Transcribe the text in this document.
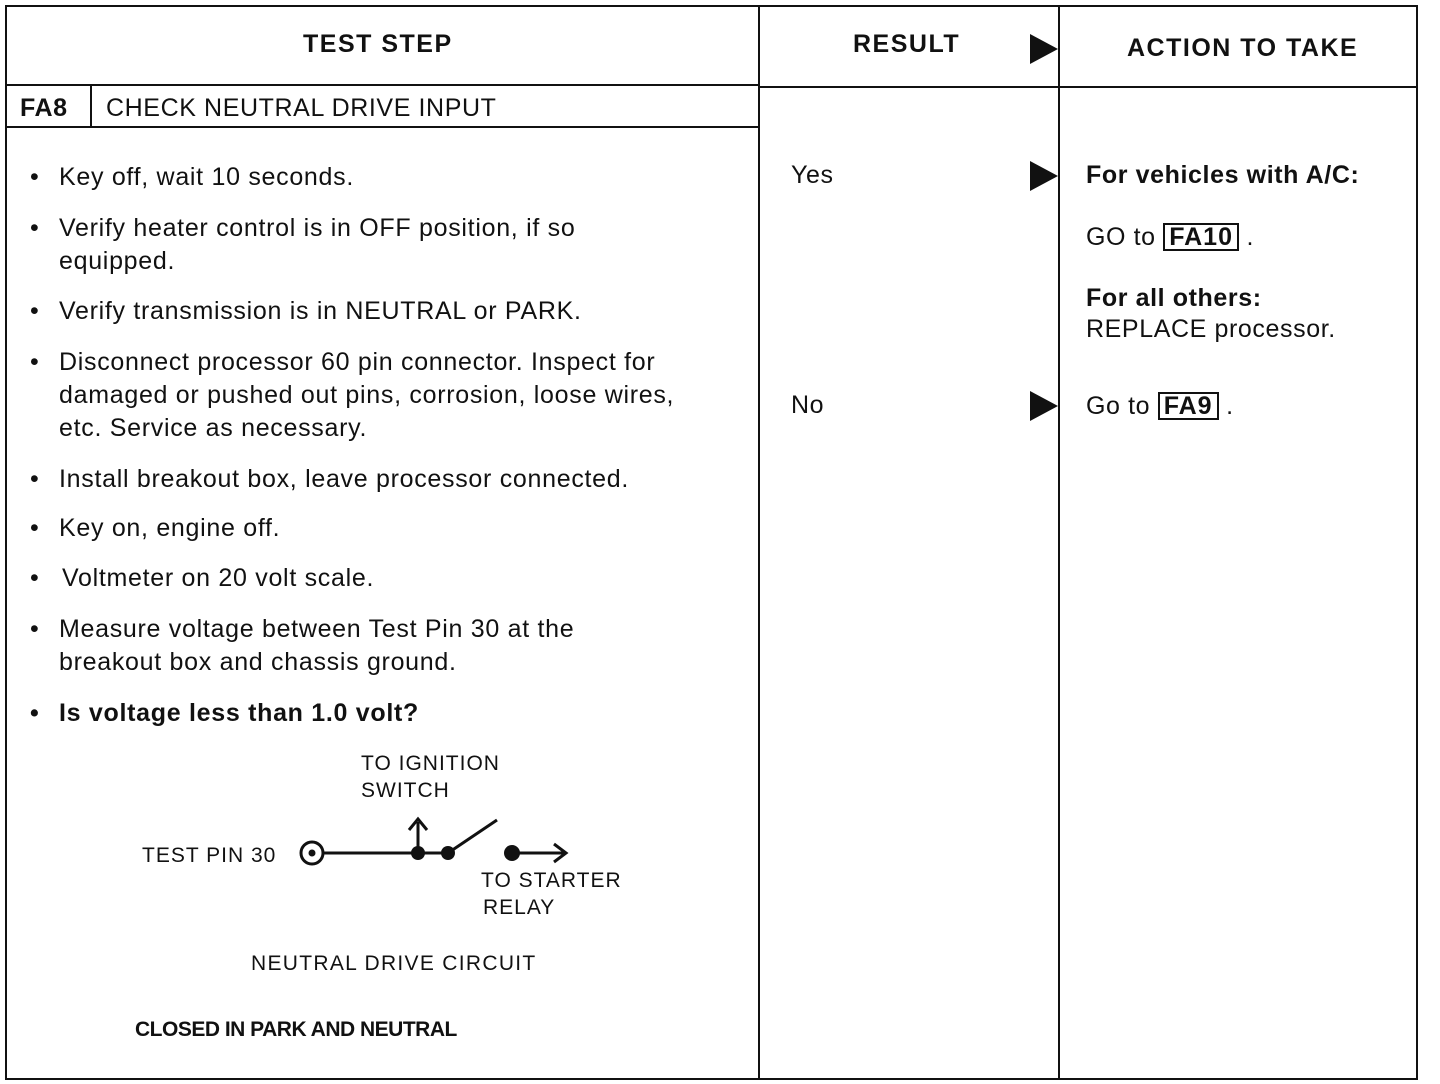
TEST STEP	RESULT	ACTION TO TAKE
FA8 CHECK NEUTRAL DRIVE INPUT
• Key off, wait 10 seconds.
• Verify heater control is in OFF position, if so equipped.
• Verify transmission is in NEUTRAL or PARK.
• Disconnect processor 60 pin connector. Inspect for damaged or pushed out pins, corrosion, loose wires, etc. Service as necessary.
• Install breakout box, leave processor connected.
• Key on, engine off.
• Voltmeter on 20 volt scale.
• Measure voltage between Test Pin 30 at the breakout box and chassis ground.
• Is voltage less than 1.0 volt?
TO IGNITION
SWITCH
TEST PIN 30
TO STARTER
RELAY
NEUTRAL DRIVE CIRCUIT
CLOSED IN PARK AND NEUTRAL
Yes
No
For vehicles with A/C:
GO to FA10 .
For all others:
REPLACE processor.
Go to FA9 .
